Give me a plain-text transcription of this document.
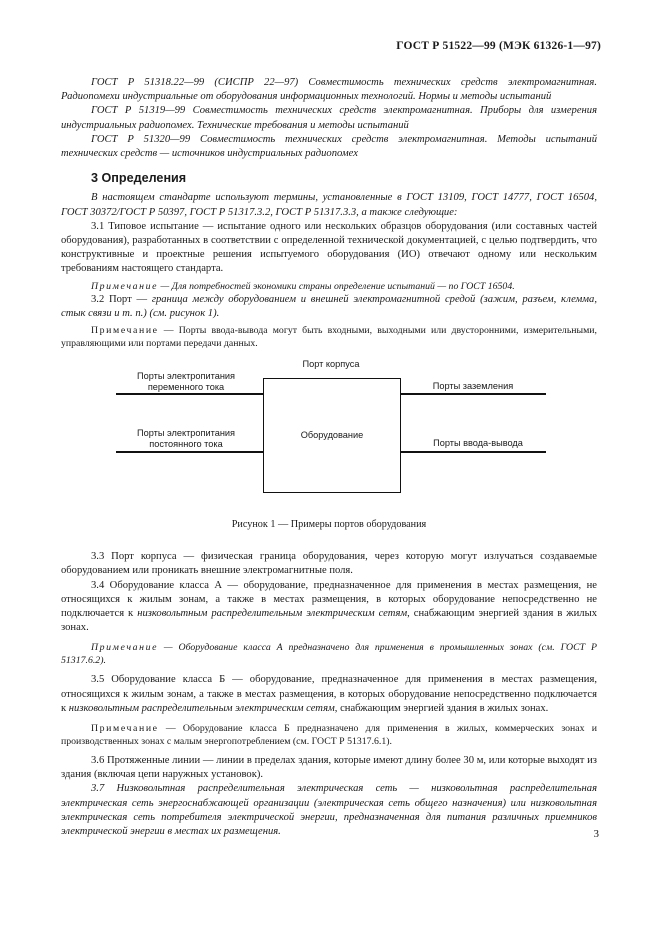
ГОСТ Р 51522—99 (МЭК 61326-1—97)

ГОСТ Р 51318.22—99 (СИСПР 22—97) Совместимость технических средств электромагнитная. Радиопомехи индустриальные от оборудования информационных технологий. Нормы и методы испытаний

ГОСТ Р 51319—99 Совместимость технических средств электромагнитная. Приборы для измерения индустриальных радиопомех. Технические требования и методы испытаний

ГОСТ Р 51320—99 Совместимость технических средств электромагнитная. Методы испытаний технических средств — источников индустриальных радиопомех

3 Определения

В настоящем стандарте используют термины, установленные в ГОСТ 13109, ГОСТ 14777, ГОСТ 16504, ГОСТ 30372/ГОСТ Р 50397, ГОСТ Р 51317.3.2, ГОСТ Р 51317.3.3, а также следующие:

3.1 Типовое испытание — испытание одного или нескольких образцов оборудования (или составных частей оборудования), разработанных в соответствии с определенной технической документацией, с целью подтвердить, что конструктивные и проектные решения испытуемого оборудования (ИО) отвечают одному или нескольким требованиям настоящего стандарта.

Примечание — Для потребностей экономики страны определение испытаний — по ГОСТ 16504.

3.2 Порт — граница между оборудованием и внешней электромагнитной средой (зажим, разъем, клемма, стык связи и т. п.) (см. рисунок 1).

Примечание — Порты ввода-вывода могут быть входными, выходными или двусторонними, измерительными, управляющими или портами передачи данных.

Порт корпуса
Оборудование
Порты электропитания переменного тока
Порты электропитания постоянного тока
Порты заземления
Порты ввода-вывода
Рисунок 1 — Примеры портов оборудования

3.3 Порт корпуса — физическая граница оборудования, через которую могут излучаться создаваемые оборудованием или проникать внешние электромагнитные поля.

3.4 Оборудование класса А — оборудование, предназначенное для применения в местах размещения, не относящихся к жилым зонам, а также в местах размещения, в которых оборудование непосредственно не подключается к низковольтным распределительным электрическим сетям, снабжающим энергией здания в жилых зонах.

Примечание — Оборудование класса А предназначено для применения в промышленных зонах (см. ГОСТ Р 51317.6.2).

3.5 Оборудование класса Б — оборудование, предназначенное для применения в местах размещения, относящихся к жилым зонам, а также в местах размещения, в которых оборудование непосредственно подключается к низковольтным распределительным электрическим сетям, снабжающим энергией здания в жилых зонах.

Примечание — Оборудование класса Б предназначено для применения в жилых, коммерческих зонах и производственных зонах с малым энергопотреблением (см. ГОСТ Р 51317.6.1).

3.6 Протяженные линии — линии в пределах здания, которые имеют длину более 30 м, или которые выходят из здания (включая цепи наружных установок).

3.7 Низковольтная распределительная электрическая сеть — низковольтная распределительная электрическая сеть энергоснабжающей организации (электрическая сеть общего назначения) или низковольтная электрическая сеть потребителя электрической энергии, предназначенная для питания различных приемников электрической энергии в местах их размещения.	3
